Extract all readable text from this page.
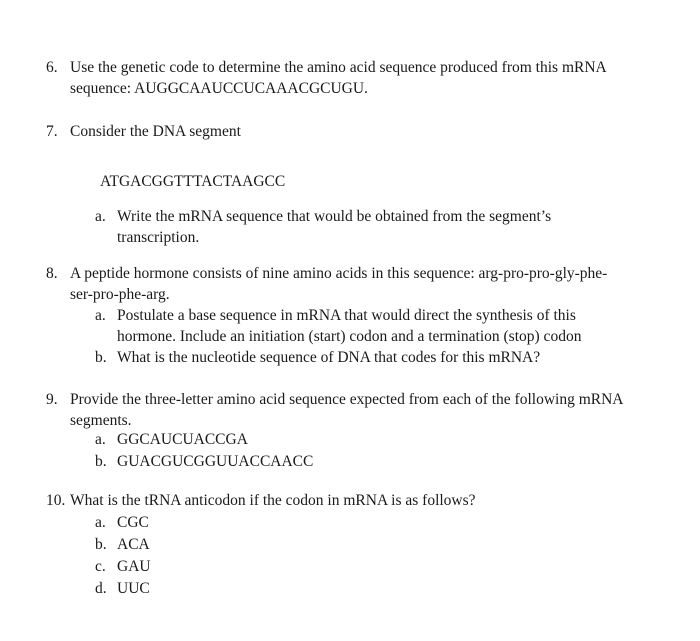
6. Use the genetic code to determine the amino acid sequence produced from this mRNA
sequence: AUGGCAAUCCUCAAACGCUGU.
7. Consider the DNA segment
ATGACGGTTTACTAAGCC
a. Write the mRNA sequence that would be obtained from the segment’s
transcription.
8. A peptide hormone consists of nine amino acids in this sequence: arg-pro-pro-gly-phe-
ser-pro-phe-arg.
a. Postulate a base sequence in mRNA that would direct the synthesis of this
hormone. Include an initiation (start) codon and a termination (stop) codon
b. What is the nucleotide sequence of DNA that codes for this mRNA?
9. Provide the three-letter amino acid sequence expected from each of the following mRNA
segments.
a. GGCAUCUACCGA
b. GUACGUCGGUUACCAACC
10. What is the tRNA anticodon if the codon in mRNA is as follows?
a. CGC
b. ACA
c. GAU
d. UUC
